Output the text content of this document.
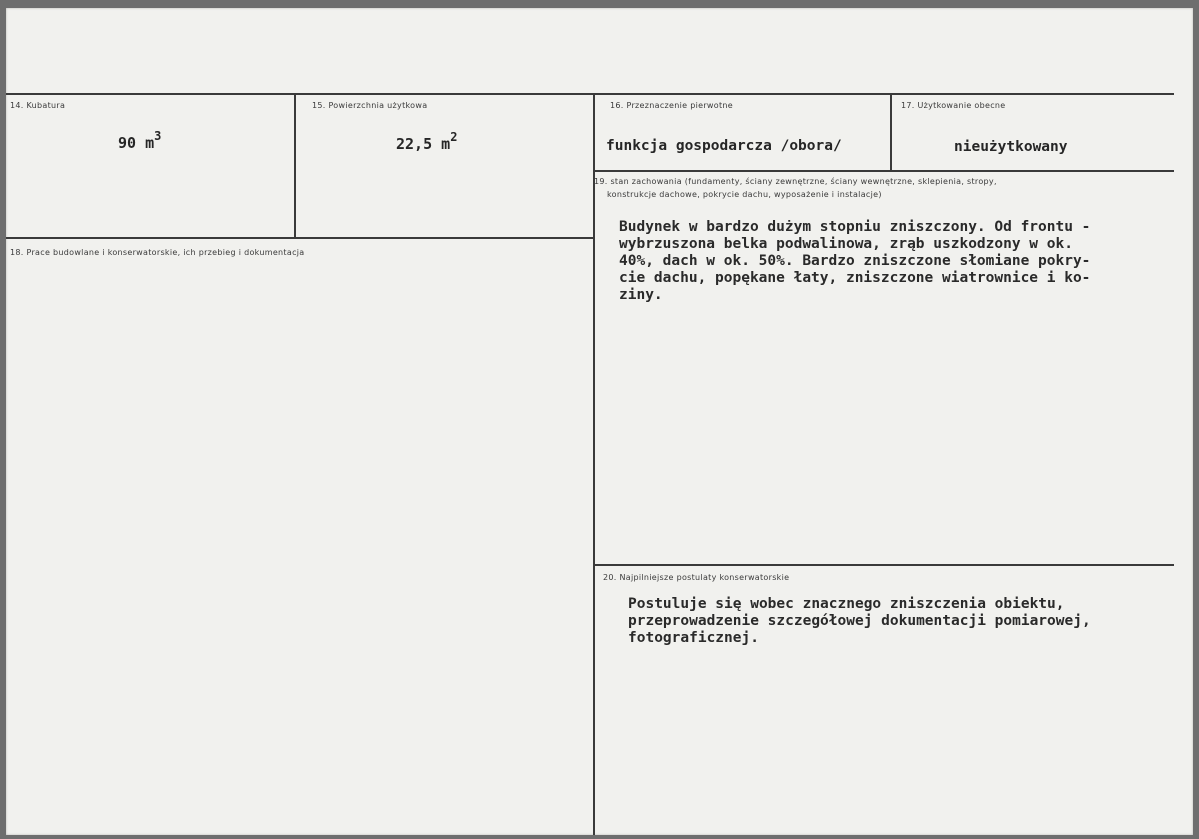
14. Kubatura
90 $m^3$
15. Powierzchnia użytkowa
22,5 $m^2$
16. Przeznaczenie pierwotne
funkcja gospodarcza /obora/
17. Użytkowanie obecne
nieużytkowany
18. Prace budowlane i konserwatorskie, ich przebieg i dokumentacja
19. stan zachowania (fundamenty, ściany zewnętrzne, ściany wewnętrzne, sklepienia, stropy,
konstrukcje dachowe, pokrycie dachu, wyposażenie i instalacje)
Budynek w bardzo dużym stopniu zniszczony. Od frontu -
wybrzuszona belka podwalinowa, zrąb uszkodzony w ok.
40%, dach w ok. 50%. Bardzo zniszczone słomiane pokry-
cie dachu, popękane łaty, zniszczone wiatrownice i ko-
ziny.
20. Najpilniejsze postulaty konserwatorskie
Postuluje się wobec znacznego zniszczenia obiektu,
przeprowadzenie szczegółowej dokumentacji pomiarowej,
fotograficznej.
